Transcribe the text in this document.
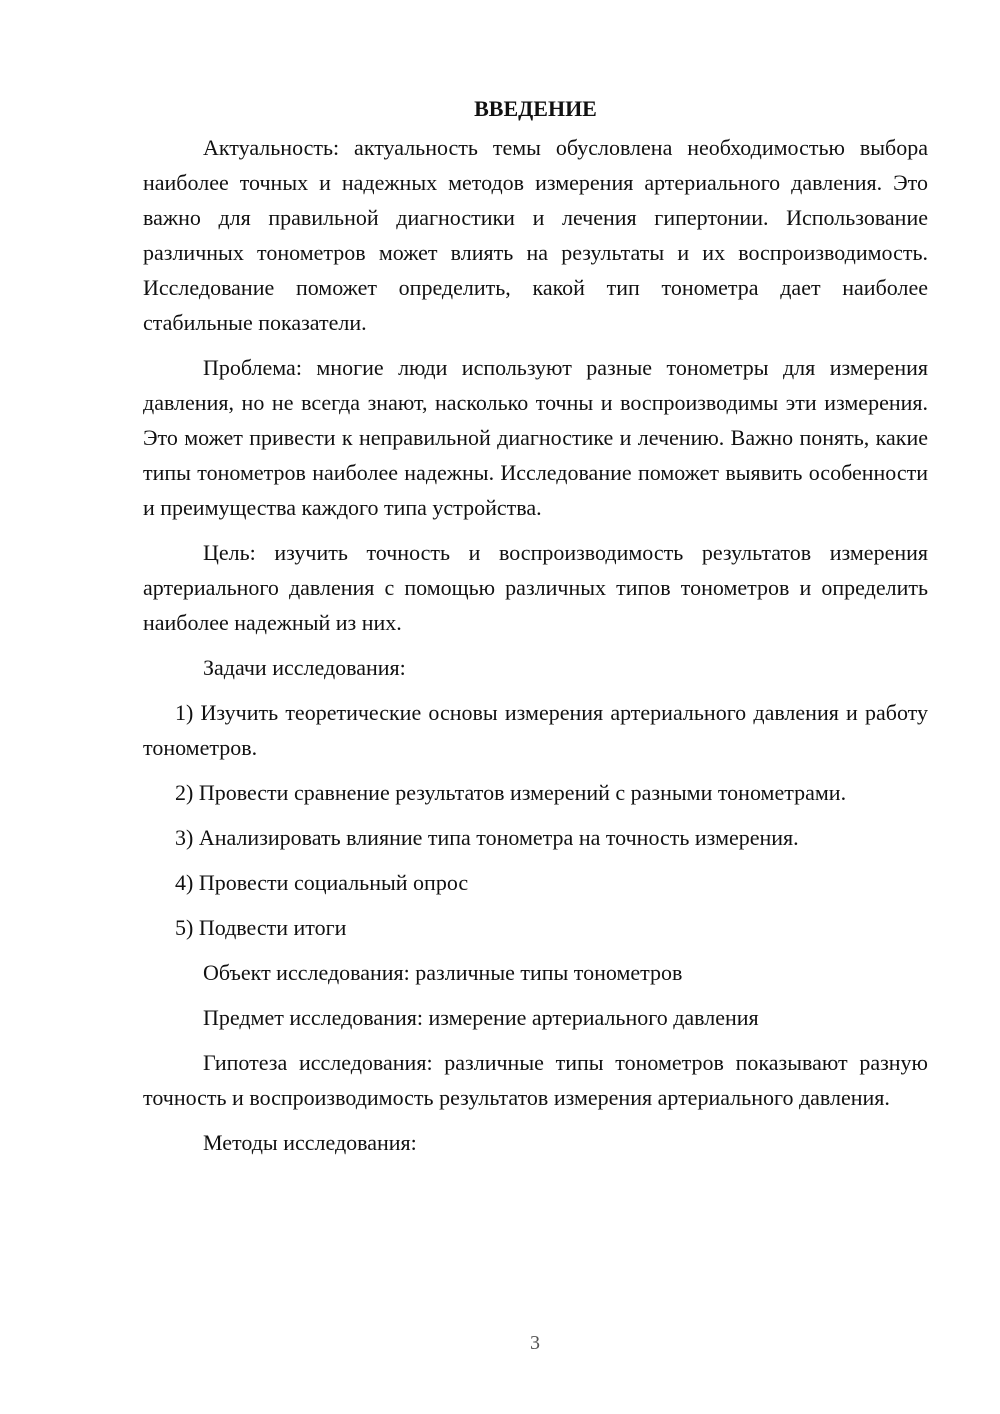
ВВЕДЕНИЕ

Актуальность: актуальность темы обусловлена необходимостью выбора наиболее точных и надежных методов измерения артериального давления. Это важно для правильной диагностики и лечения гипертонии. Использование различных тонометров может влиять на результаты и их воспроизводимость. Исследование поможет определить, какой тип тонометра дает наиболее стабильные показатели.

Проблема: многие люди используют разные тонометры для измерения давления, но не всегда знают, насколько точны и воспроизводимы эти измерения. Это может привести к неправильной диагностике и лечению. Важно понять, какие типы тонометров наиболее надежны. Исследование поможет выявить особенности и преимущества каждого типа устройства.

Цель: изучить точность и воспроизводимость результатов измерения артериального давления с помощью различных типов тонометров и определить наиболее надежный из них.

Задачи исследования:

1) Изучить теоретические основы измерения артериального давления и работу тонометров.

2) Провести сравнение результатов измерений с разными тонометрами.

3) Анализировать влияние типа тонометра на точность измерения.

4) Провести социальный опрос

5) Подвести итоги

Объект исследования: различные типы тонометров

Предмет исследования: измерение артериального давления

Гипотеза исследования: различные типы тонометров показывают разную точность и воспроизводимость результатов измерения артериального давления.

Методы исследования:

3
